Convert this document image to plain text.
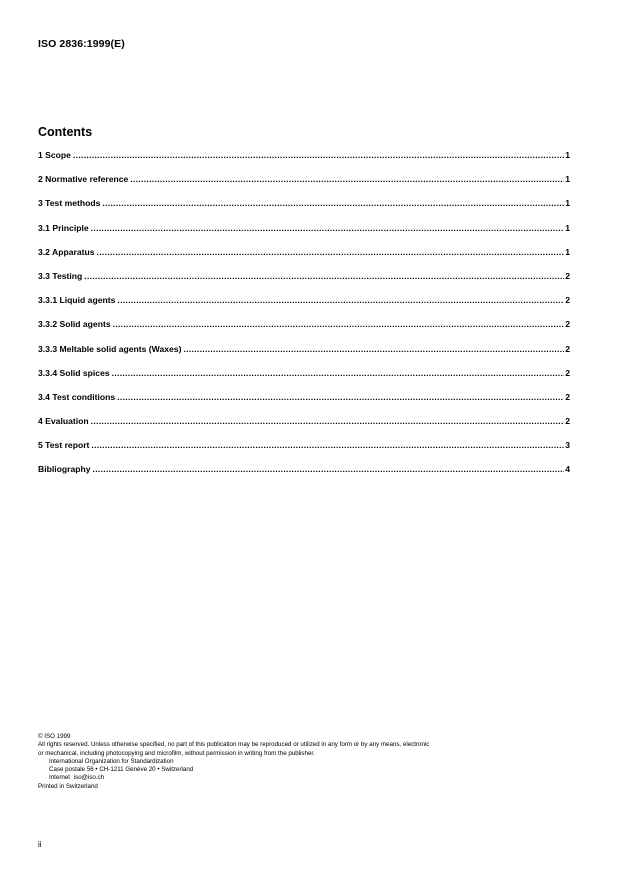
ISO 2836:1999(E)
Contents
1 Scope .....	1
2 Normative reference .....	1
3 Test methods .....	1
3.1 Principle .....	1
3.2 Apparatus .....	1
3.3 Testing .....	2
3.3.1 Liquid agents .....	2
3.3.2 Solid agents .....	2
3.3.3 Meltable solid agents (Waxes) .....	2
3.3.4 Solid spices .....	2
3.4 Test conditions .....	2
4 Evaluation .....	2
5 Test report .....	3
Bibliography .....	4

© ISO 1999

All rights reserved. Unless otherwise specified, no part of this publication may be reproduced or utilized in any form or by any means, electronic

or mechanical, including photocopying and microfilm, without permission in writing from the publisher.

International Organization for Standardization

Case postale 56 • CH-1211 Genève 20 • Switzerland

Internet iso@iso.ch

Printed in Switzerland

ii
